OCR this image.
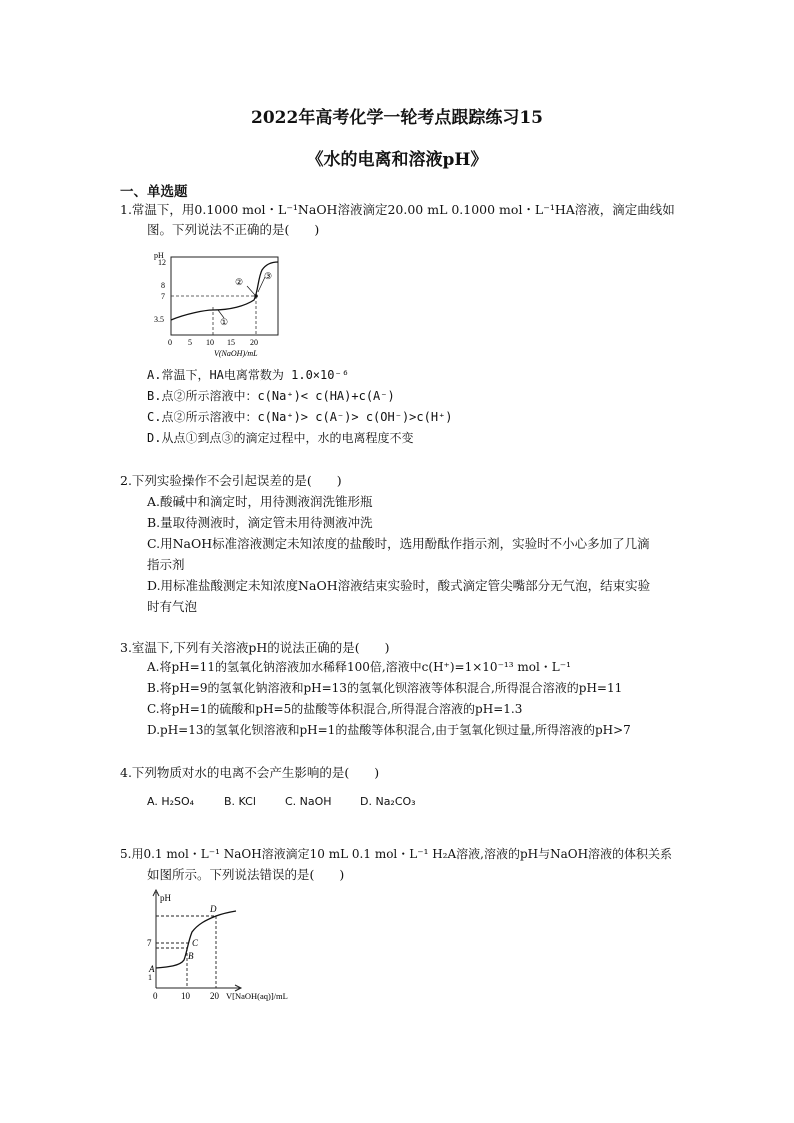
2022年高考化学一轮考点跟踪练习15
《水的电离和溶液pH》
一、单选题
1.常温下，用0.1000 mol・L⁻¹NaOH溶液滴定20.00 mL 0.1000 mol・L⁻¹HA溶液，滴定曲线如
图。下列说法不正确的是(　　)
pH
12
8
7
3.5	①
②
③
0 5 10 15 20
V(NaOH)/mL
A.常温下，HA电离常数为 1.0×10⁻⁶
B.点②所示溶液中：c(Na⁺)< c(HA)+c(A⁻)
C.点②所示溶液中：c(Na⁺)> c(A⁻)> c(OH⁻)>c(H⁺)
D.从点①到点③的滴定过程中，水的电离程度不变
2.下列实验操作不会引起误差的是(　　)
A.酸碱中和滴定时，用待测液润洗锥形瓶
B.量取待测液时，滴定管未用待测液冲洗
C.用NaOH标准溶液测定未知浓度的盐酸时，选用酚酞作指示剂，实验时不小心多加了几滴
指示剂
D.用标准盐酸测定未知浓度NaOH溶液结束实验时，酸式滴定管尖嘴部分无气泡，结束实验
时有气泡
3.室温下,下列有关溶液pH的说法正确的是(　　)
A.将pH=11的氢氧化钠溶液加水稀释100倍,溶液中c(H⁺)=1×10⁻¹³ mol・L⁻¹
B.将pH=9的氢氧化钠溶液和pH=13的氢氧化钡溶液等体积混合,所得混合溶液的pH=11
C.将pH=1的硫酸和pH=5的盐酸等体积混合,所得混合溶液的pH=1.3
D.pH=13的氢氧化钡溶液和pH=1的盐酸等体积混合,由于氢氧化钡过量,所得溶液的pH>7
4.下列物质对水的电离不会产生影响的是(　　)
A. H₂SO₄	B. KCl	C. NaOH	D. Na₂CO₃
5.用0.1 mol・L⁻¹ NaOH溶液滴定10 mL 0.1 mol・L⁻¹ H₂A溶液,溶液的pH与NaOH溶液的体积关系
如图所示。下列说法错误的是(　　)
pH
7
1
A
B
C
D
0	10 20 V[NaOH(aq)]/mL
